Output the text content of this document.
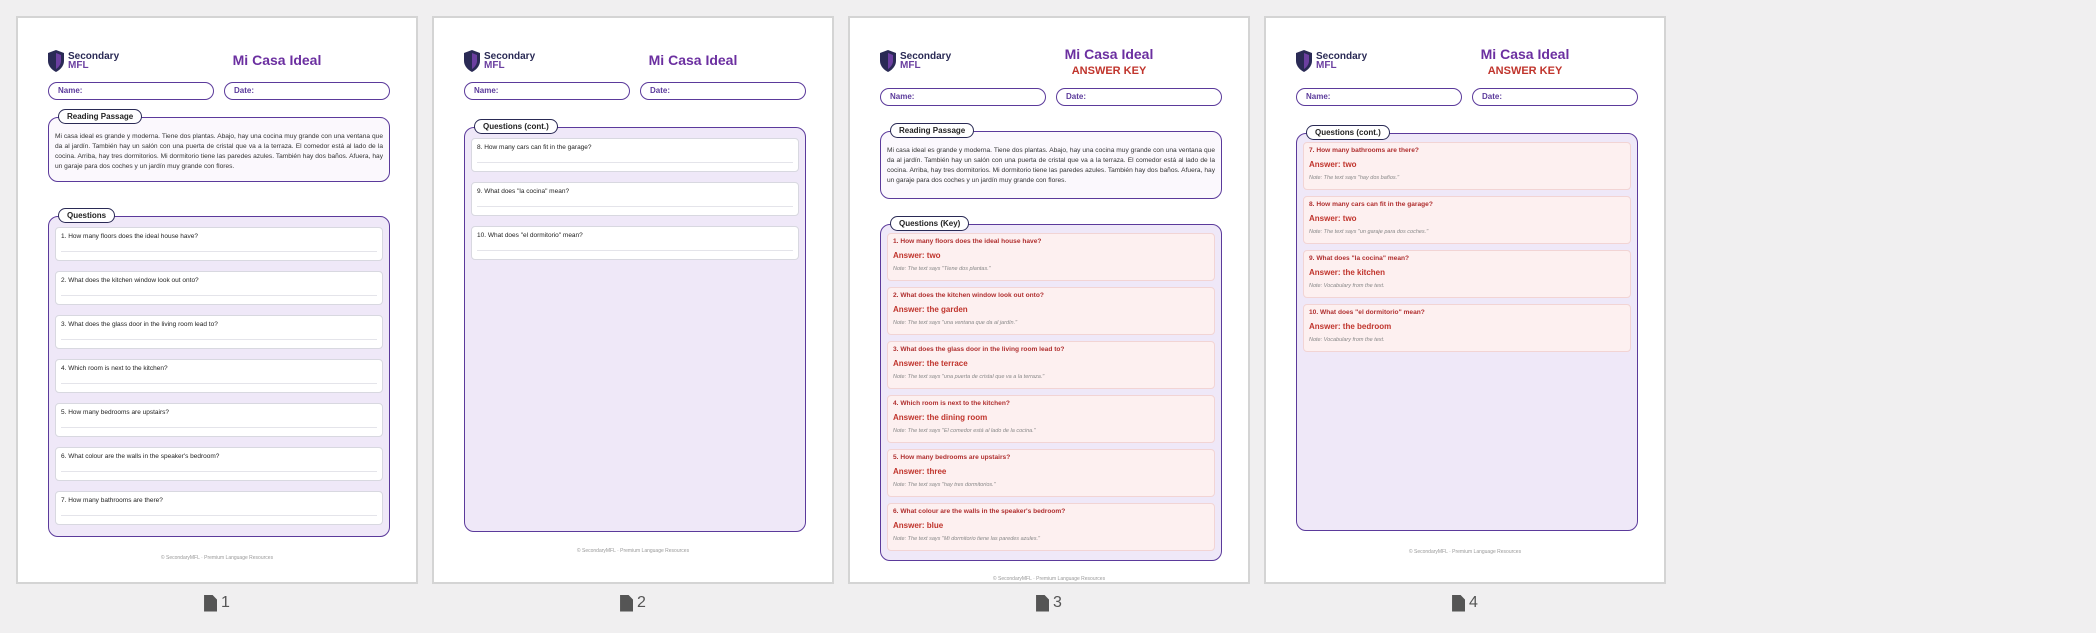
Secondary
MFL	Mi Casa Ideal
Name:	Date:
Reading Passage
Mi casa ideal es grande y moderna. Tiene dos plantas. Abajo, hay una cocina muy grande con una ventana que da al jardín. También hay un salón con una puerta de cristal que va a la terraza. El comedor está al lado de la cocina. Arriba, hay tres dormitorios. Mi dormitorio tiene las paredes azules. También hay dos baños. Afuera, hay un garaje para dos coches y un jardín muy grande con flores.
Questions
1. How many floors does the ideal house have?
2. What does the kitchen window look out onto?
3. What does the glass door in the living room lead to?
4. Which room is next to the kitchen?
5. How many bedrooms are upstairs?
6. What colour are the walls in the speaker's bedroom?
7. How many bathrooms are there?
© SecondaryMFL · Premium Language Resources
1
Secondary
MFL	Mi Casa Ideal
Name:	Date:
Questions (cont.)
8. How many cars can fit in the garage?
9. What does "la cocina" mean?
10. What does "el dormitorio" mean?
© SecondaryMFL · Premium Language Resources
2
Secondary
MFL
Mi Casa Ideal
ANSWER KEY
Name:	Date:
Reading Passage
Mi casa ideal es grande y moderna. Tiene dos plantas. Abajo, hay una cocina muy grande con una ventana que da al jardín. También hay un salón con una puerta de cristal que va a la terraza. El comedor está al lado de la cocina. Arriba, hay tres dormitorios. Mi dormitorio tiene las paredes azules. También hay dos baños. Afuera, hay un garaje para dos coches y un jardín muy grande con flores.
Questions (Key)
1. How many floors does the ideal house have?
Answer: two
Note: The text says "Tiene dos plantas."
2. What does the kitchen window look out onto?
Answer: the garden
Note: The text says "una ventana que da al jardín."
3. What does the glass door in the living room lead to?
Answer: the terrace
Note: The text says "una puerta de cristal que va a la terraza."
4. Which room is next to the kitchen?
Answer: the dining room
Note: The text says "El comedor está al lado de la cocina."
5. How many bedrooms are upstairs?
Answer: three
Note: The text says "hay tres dormitorios."
6. What colour are the walls in the speaker's bedroom?
Answer: blue
Note: The text says "Mi dormitorio tiene las paredes azules."
© SecondaryMFL · Premium Language Resources
3
Secondary
MFL
Mi Casa Ideal
ANSWER KEY
Name:	Date:
Questions (cont.)
7. How many bathrooms are there?
Answer: two
Note: The text says "hay dos baños."
8. How many cars can fit in the garage?
Answer: two
Note: The text says "un garaje para dos coches."
9. What does "la cocina" mean?
Answer: the kitchen
Note: Vocabulary from the text.
10. What does "el dormitorio" mean?
Answer: the bedroom
Note: Vocabulary from the text.
© SecondaryMFL · Premium Language Resources
4
